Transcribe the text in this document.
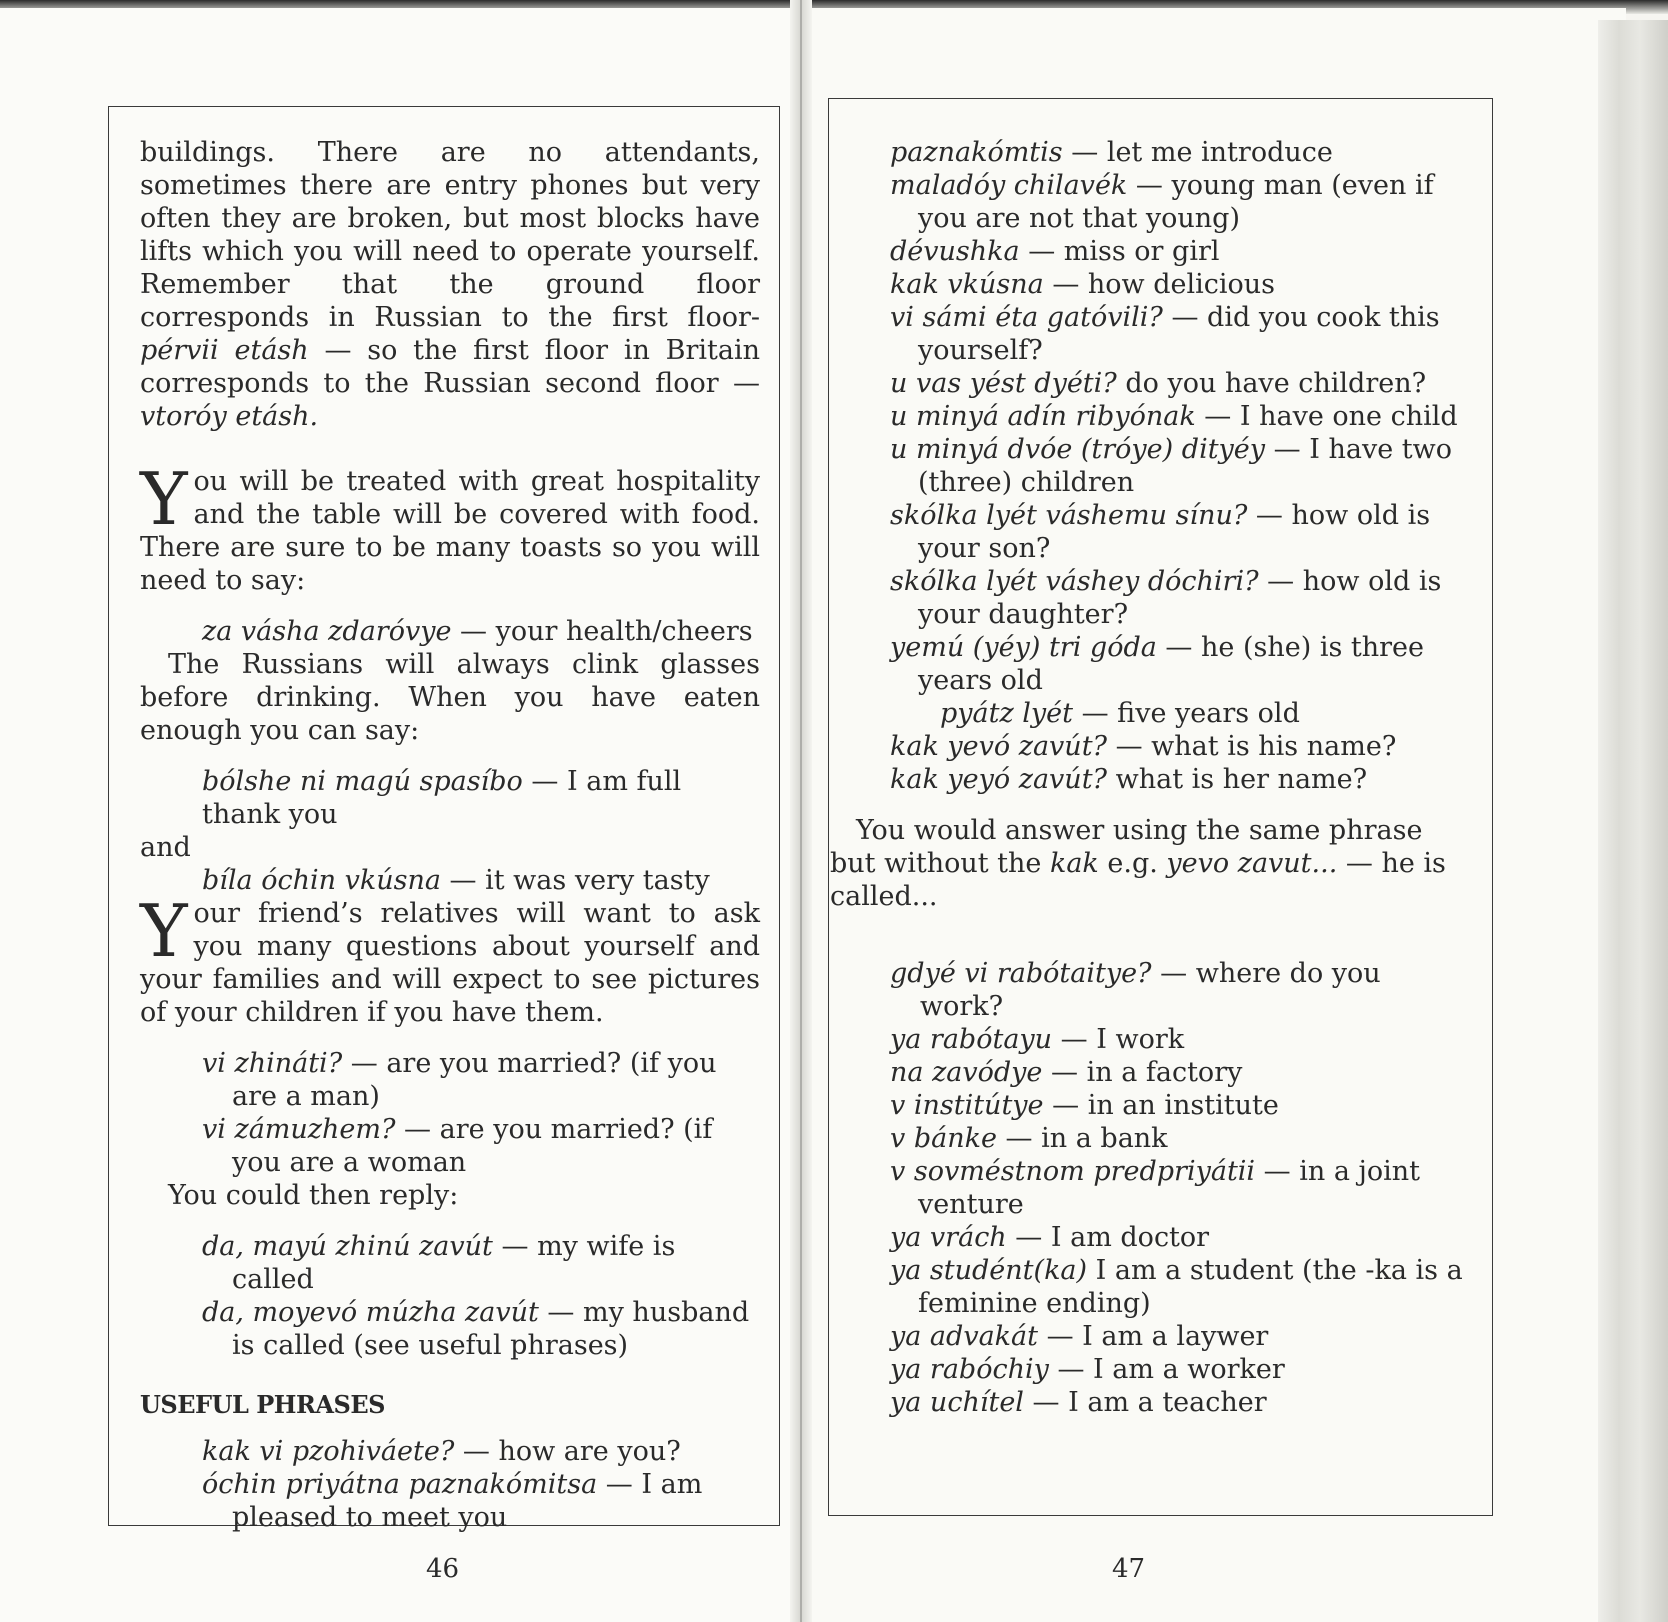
buildings. There are no attendants, sometimes there are entry phones but very often they are broken, but most blocks have lifts which you will need to operate yourself. Remember that the ground floor corresponds in Russian to the first floor-pérvii etásh — so the first floor in Britain corresponds to the Russian second floor — vtoróy etásh.

You will be treated with great hospitality and the table will be covered with food. There are sure to be many toasts so you will need to say:

za vásha zdaróvye — your health/cheers

The Russians will always clink glasses before drinking. When you have eaten enough you can say:

bólshe ni magú spasíbo — I am full thank you

and

bíla óchin vkúsna — it was very tasty

Your friend’s relatives will want to ask you many questions about yourself and your families and will expect to see pictures of your children if you have them.

vi zhináti? — are you married? (if you are a man)

vi zámuzhem? — are you married? (if you are a woman

You could then reply:

da, mayú zhinú zavút — my wife is called

da, moyevó múzha zavút — my husband is called (see useful phrases)

USEFUL PHRASES

kak vi pzohiváete? — how are you?

óchin priyátna paznakómitsa — I am pleased to meet you

paznakómtis — let me introduce

maladóy chilavék — young man (even if

you are not that young)

dévushka — miss or girl

kak vkúsna — how delicious

vi sámi éta gatóvili? — did you cook this

yourself?

u vas yést dyéti? do you have children?

u minyá adín ribyónak — I have one child

u minyá dvóe (tróye) dityéy — I have two

(three) children

skólka lyét váshemu sínu? — how old is

your son?

skólka lyét váshey dóchiri? — how old is

your daughter?

yemú (yéy) tri góda — he (she) is three

years old

pyátz lyét — five years old

kak yevó zavút? — what is his name?

kak yeyó zavút? what is her name?

You would answer using the same phrase but without the kak e.g. yevo zavut... — he is called...

gdyé vi rabótaitye? — where do you work?

ya rabótayu — I work

na zavódye — in a factory

v institútye — in an institute

v bánke — in a bank

v sovméstnom predpriyátii — in a joint

venture

ya vrách — I am doctor

ya studént(ka) I am a student (the -ka is a

feminine ending)

ya advakát — I am a laywer

ya rabóchiy — I am a worker

ya uchítel — I am a teacher

46	47
